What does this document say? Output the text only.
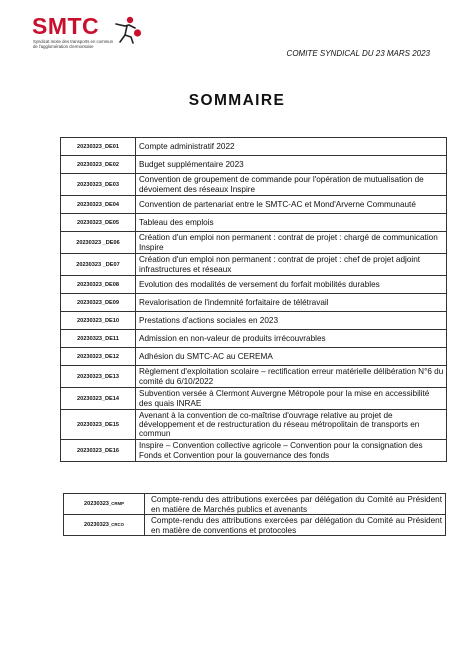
SMTC
Syndicat mixte des transports en commun de l'agglomération clermontoise
COMITE SYNDICAL DU 23 MARS 2023
SOMMAIRE
20230323_DE01	Compte administratif 2022
20230323_DE02	Budget supplémentaire 2023
20230323_DE03	Convention de groupement de commande pour l'opération de mutualisation de dévoiement des réseaux Inspire
20230323_DE04	Convention de partenariat entre le SMTC-AC et Mond'Arverne Communauté
20230323_DE05	Tableau des emplois
20230323 _DE06	Création d'un emploi non permanent : contrat de projet : chargé de communication Inspire
20230323 _DE07	Création d'un emploi non permanent : contrat de projet : chef de projet adjoint infrastructures et réseaux
20230323_DE08	Evolution des modalités de versement du forfait mobilités durables
20230323_DE09	Revalorisation de l'indemnité forfaitaire de télétravail
20230323_DE10	Prestations d'actions sociales en 2023
20230323_DE11	Admission en non-valeur de produits irrécouvrables
20230323_DE12	Adhésion du SMTC-AC au CEREMA
20230323_DE13	Règlement d'exploitation scolaire – rectification erreur matérielle délibération N°6 du comité du 6/10/2022
20230323_DE14	Subvention versée à Clermont Auvergne Métropole pour la mise en accessibilité des quais INRAE
20230323_DE15	Avenant à la convention de co-maîtrise d'ouvrage relative au projet de développement et de restructuration du réseau métropolitain de transports en commun
20230323_DE16	Inspire – Convention collective agricole – Convention pour la consignation des Fonds et Convention pour la gouvernance des fonds
20230323_CRMP	Compte-rendu des attributions exercées par délégation du Comité au Président en matière de Marchés publics et avenants
20230323_CRCO	Compte-rendu des attributions exercées par délégation du Comité au Président en matière de conventions et protocoles
